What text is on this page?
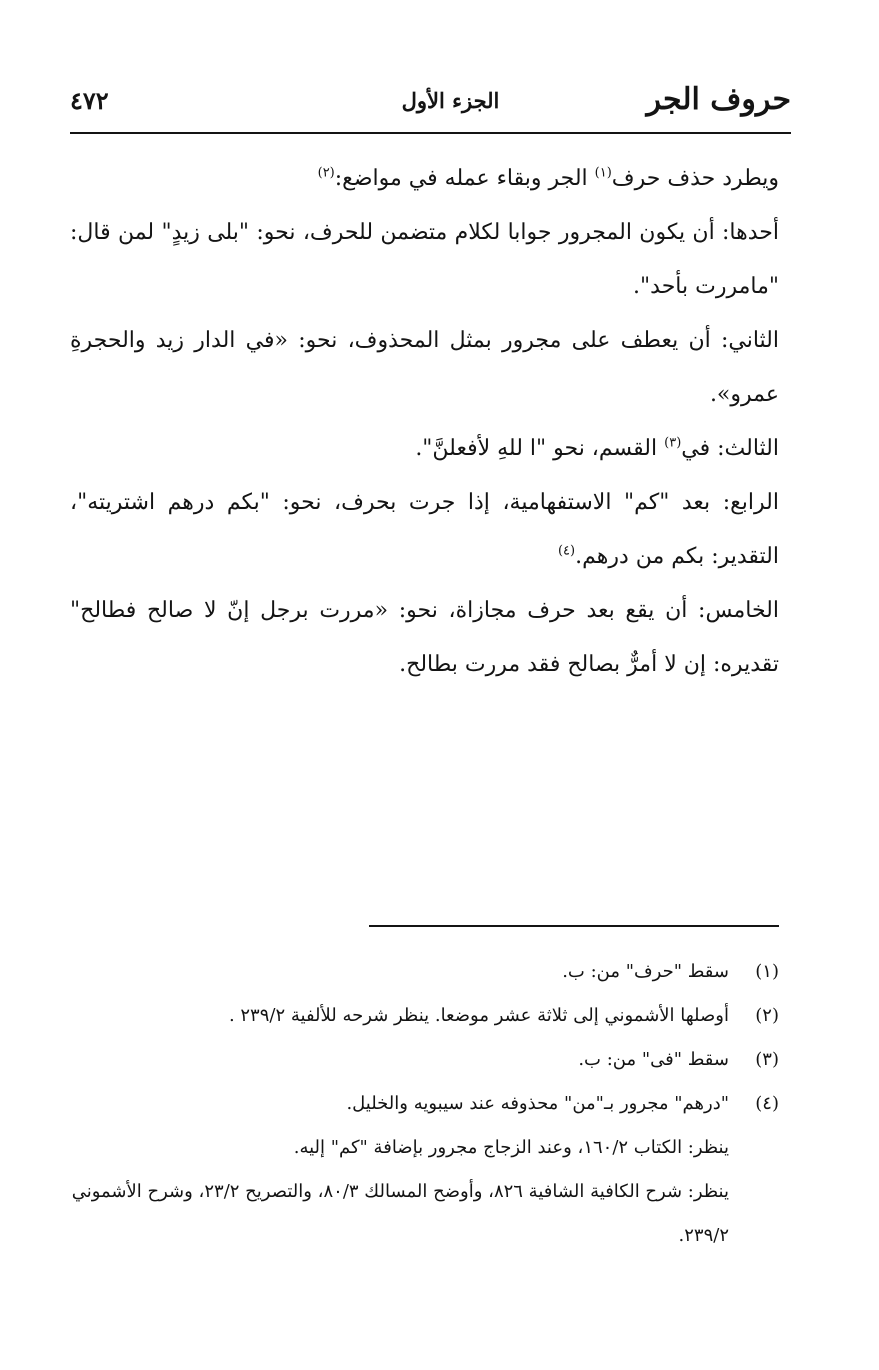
حروف الجر
الجزء الأول
٤٧٢

ويطرد حذف حرف$^{(١)}$ الجر وبقاء عمله في مواضع:$^{(٢)}$

أحدها: أن يكون المجرور جوابا لكلام متضمن للحرف، نحو: "بلى زيدٍ" لمن قال: "مامررت بأحد".

الثاني: أن يعطف على مجرور بمثل المحذوف، نحو: «في الدار زيد والحجرةِ عمرو».

الثالث: في$^{(٣)}$ القسم، نحو "ا للهِ لأفعلنَّ".

الرابع: بعد "كم" الاستفهامية، إذا جرت بحرف، نحو: "بكم درهم اشتريته"، التقدير: بكم من درهم.$^{(٤)}$

الخامس: أن يقع بعد حرف مجازاة، نحو: «مررت برجل إنّ لا صالح فطالح" تقديره: إن لا أمرٌّ بصالح فقد مررت بطالح.

(١)
سقط "حرف" من: ب.
(٢)
أوصلها الأشموني إلى ثلاثة عشر موضعا. ينظر شرحه للألفية ٢٣٩/٢ .
(٣)
سقط "فى" من: ب.
(٤)
"درهم" مجرور بـ"من" محذوفه عند سيبويه والخليل.
ينظر: الكتاب ١٦٠/٢، وعند الزجاج مجرور بإضافة "كم" إليه.
ينظر: شرح الكافية الشافية ٨٢٦، وأوضح المسالك ٨٠/٣، والتصريح ٢٣/٢، وشرح الأشموني ٢٣٩/٢.
